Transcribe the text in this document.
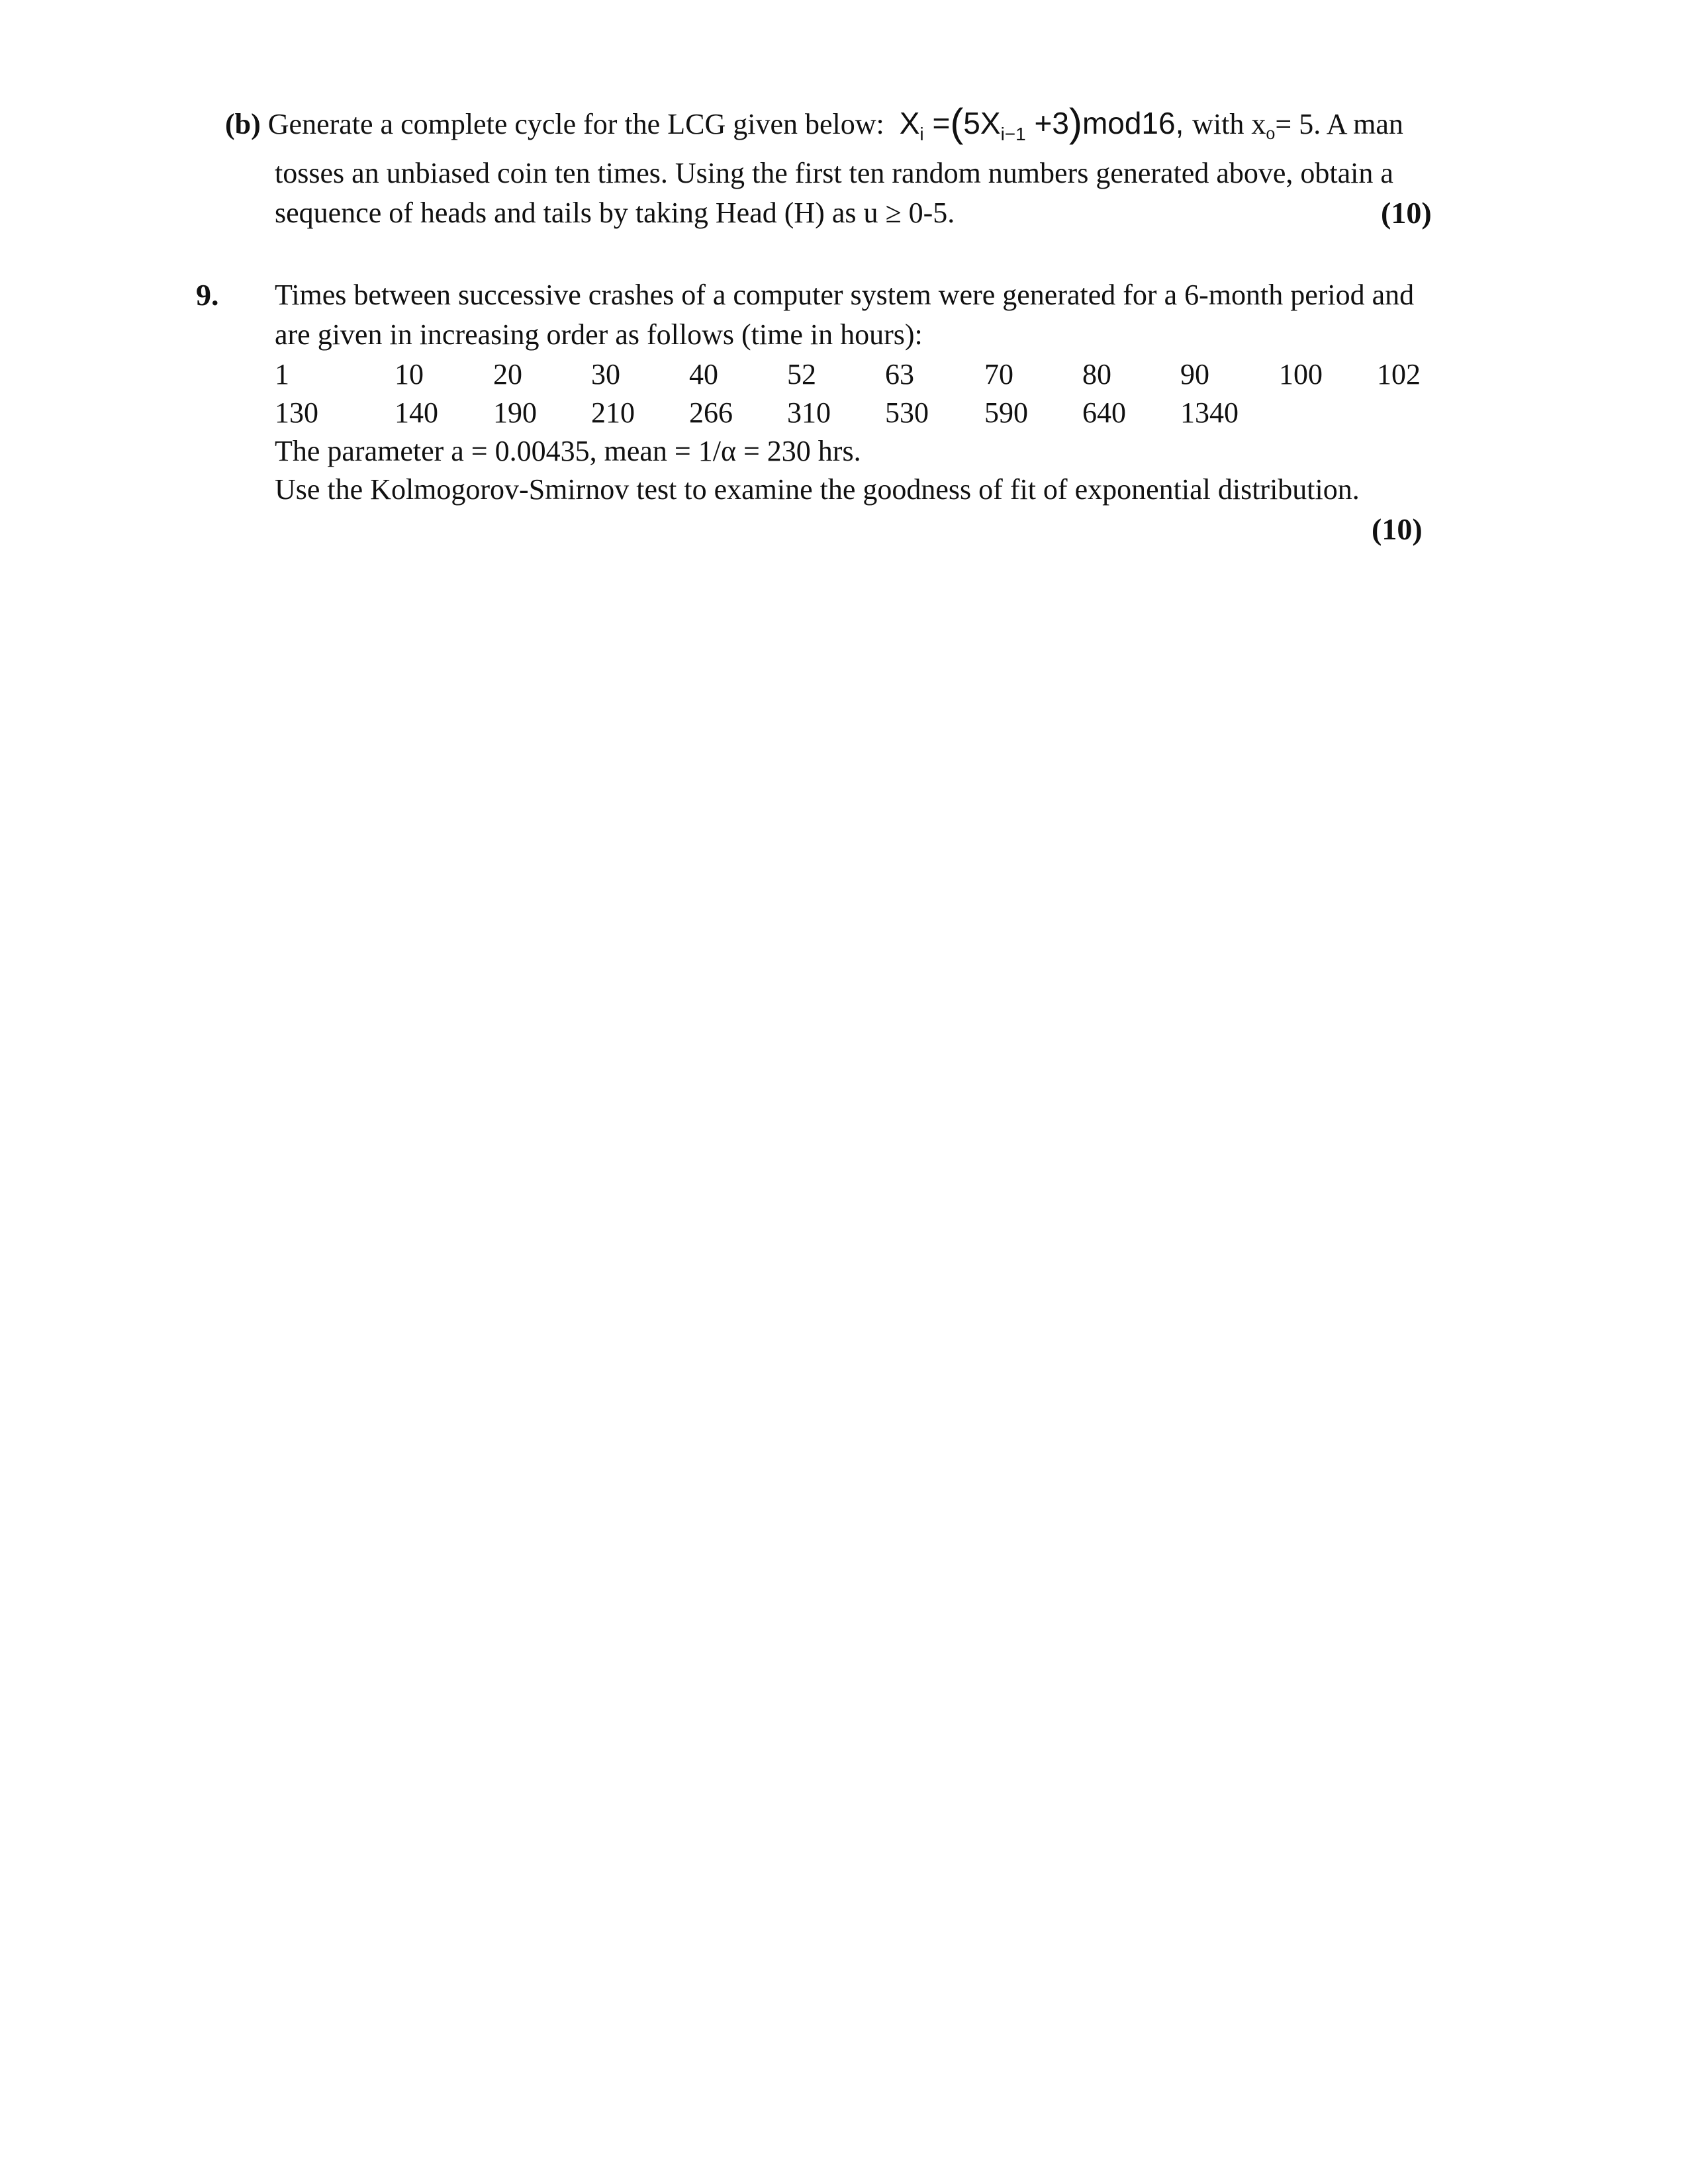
(b) Generate a complete cycle for the LCG given below: $X_i =(5X_{i-1} +3)mod16$, with xo= 5. A man
tosses an unbiased coin ten times. Using the first ten random numbers generated above, obtain a
sequence of heads and tails by taking Head (H) as u ≥ 0-5.	(10)
9. Times between successive crashes of a computer system were generated for a 6-month period and
are given in increasing order as follows (time in hours):
1	10 20 30 40 52 63 70 80 90 100 102
130	140 190 210 266 310 530 590 640 1340
The parameter a = 0.00435, mean = 1/α = 230 hrs.
Use the Kolmogorov-Smirnov test to examine the goodness of fit of exponential distribution.
(10)
